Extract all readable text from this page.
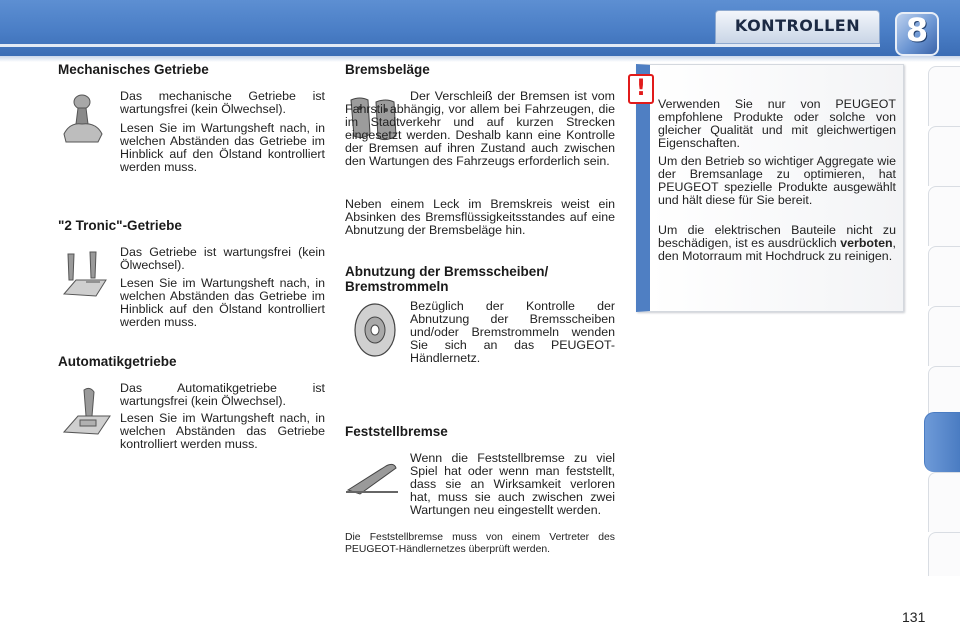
KONTROLLEN	8
Mechanisches Getriebe
Das mechanische Getriebe ist wartungsfrei (kein Ölwechsel).
Lesen Sie im Wartungsheft nach, in welchen Abständen das Getriebe im Hinblick auf den Ölstand kontrolliert werden muss.
"2 Tronic"-Getriebe
Das Getriebe ist wartungsfrei (kein Ölwechsel).
Lesen Sie im Wartungsheft nach, in welchen Abständen das Getriebe im Hinblick auf den Ölstand kontrolliert werden muss.
Automatikgetriebe
Das Automatikgetriebe ist wartungsfrei (kein Ölwechsel).
Lesen Sie im Wartungsheft nach, in welchen Abständen das Getriebe kontrolliert werden muss.
Bremsbeläge
Der Verschleiß der Bremsen ist vom Fahrstil abhängig, vor allem bei Fahrzeugen, die im Stadtverkehr und auf kurzen Strecken eingesetzt werden. Deshalb kann eine Kontrolle der Bremsen auf ihren Zustand auch zwischen den Wartungen des Fahrzeugs erforderlich sein.
Neben einem Leck im Bremskreis weist ein Absinken des Bremsflüssigkeitsstandes auf eine Abnutzung der Bremsbeläge hin.
Abnutzung der Bremsscheiben/ Bremstrommeln
Bezüglich der Kontrolle der Abnutzung der Bremsscheiben und/oder Bremstrommeln wenden Sie sich an das PEUGEOT-Händlernetz.
Feststellbremse
Wenn die Feststellbremse zu viel Spiel hat oder wenn man feststellt, dass sie an Wirksamkeit verloren hat, muss sie auch zwischen zwei Wartungen neu eingestellt werden.
Die Feststellbremse muss von einem Vertreter des PEUGEOT-Händlernetzes überprüft werden.
!
Verwenden Sie nur von PEUGEOT empfohlene Produkte oder solche von gleicher Qualität und mit gleichwertigen Eigenschaften.
Um den Betrieb so wichtiger Aggregate wie der Bremsanlage zu optimieren, hat PEUGEOT spezielle Produkte ausgewählt und hält diese für Sie bereit.
Um die elektrischen Bauteile nicht zu beschädigen, ist es ausdrücklich verboten, den Motorraum mit Hochdruck zu reinigen.
131
